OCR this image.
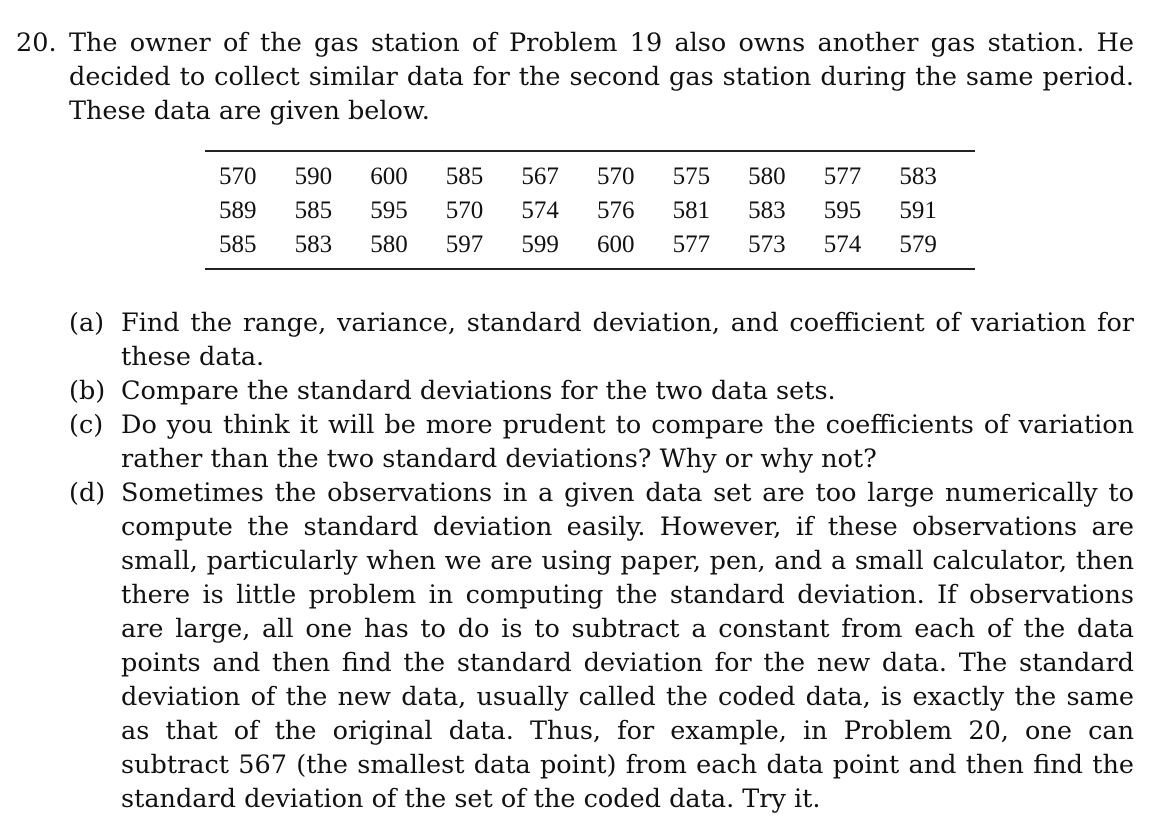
20. The owner of the gas station of Problem 19 also owns another gas station. He decided to collect similar data for the second gas station during the same period. These data are given below.
570	590	600	585	567	570	575	580	577	583
589	585	595	570	574	576	581	583	595	591
585	583	580	597	599	600	577	573	574	579
(a) Find the range, variance, standard deviation, and coefficient of variation for these data.
(b) Compare the standard deviations for the two data sets.
(c) Do you think it will be more prudent to compare the coefficients of variation rather than the two standard deviations? Why or why not?
(d) Sometimes the observations in a given data set are too large numerically to compute the standard deviation easily. However, if these observations are small, particularly when we are using paper, pen, and a small calculator, then there is little problem in computing the standard deviation. If observations are large, all one has to do is to subtract a constant from each of the data points and then find the standard deviation for the new data. The standard deviation of the new data, usually called the coded data, is exactly the same as that of the original data. Thus, for example, in Problem 20, one can subtract 567 (the smallest data point) from each data point and then find the standard deviation of the set of the coded data. Try it.
